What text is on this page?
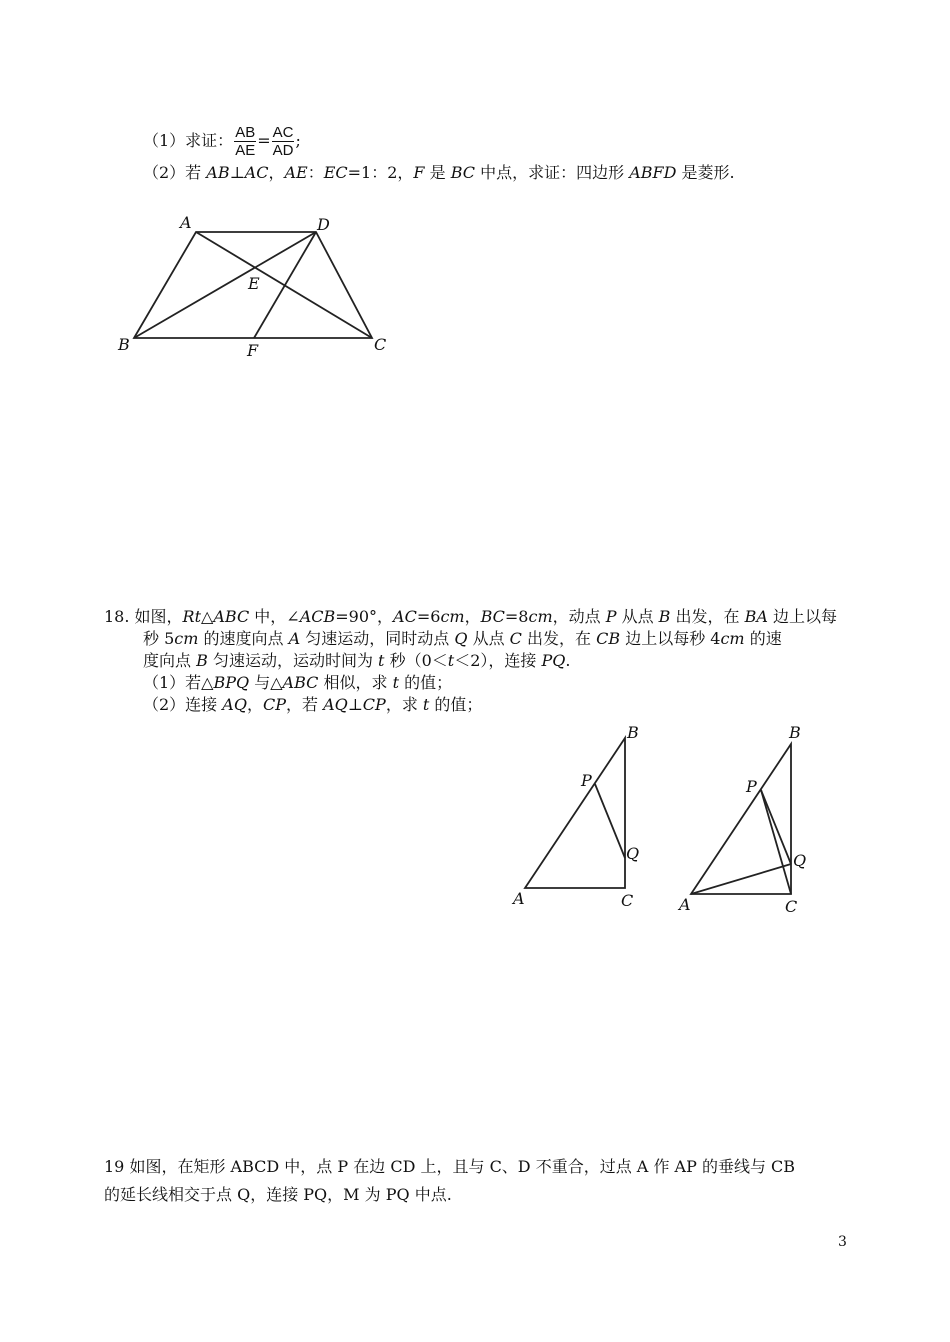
（1）求证： $\frac{AB}{AE} = \frac{AC}{AD}$ ;
（2）若 AB⊥AC，AE：EC=1：2，F 是 BC 中点，求证：四边形 ABFD 是菱形.
A	D
E
B	F	C
18. 如图，Rt△ABC 中，∠ACB=90°，AC=6cm，BC=8cm，动点 P 从点 B 出发，在 BA 边上以每
秒 5cm 的速度向点 A 匀速运动，同时动点 Q 从点 C 出发，在 CB 边上以每秒 4cm 的速
度向点 B 匀速运动，运动时间为 t 秒（0＜t＜2），连接 PQ.
（1）若△BPQ 与△ABC 相似，求 t 的值；
（2）连接 AQ，CP，若 AQ⊥CP，求 t 的值；
B
P
Q
A	C
B
P
Q
A	C
19 如图，在矩形 ABCD 中，点 P 在边 CD 上，且与 C、D 不重合，过点 A 作 AP 的垂线与 CB
的延长线相交于点 Q，连接 PQ，M 为 PQ 中点.
3
